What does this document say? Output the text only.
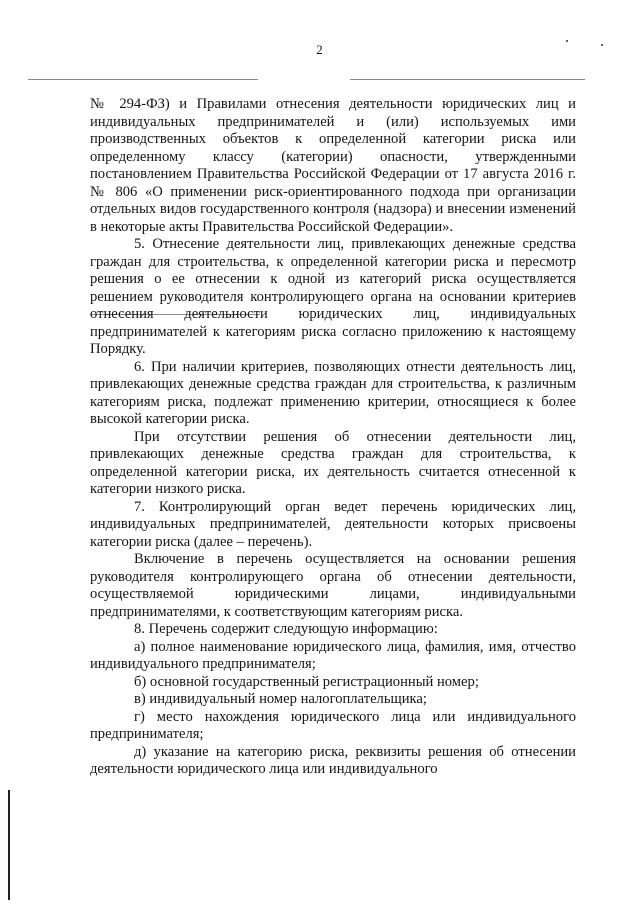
2

№ 294-ФЗ) и Правилами отнесения деятельности юридических лиц и индивидуальных предпринимателей и (или) используемых ими производственных объектов к определенной категории риска или определенному классу (категории) опасности, утвержденными постановлением Правительства Российской Федерации от 17 августа 2016 г. № 806 «О применении риск-ориентированного подхода при организации отдельных видов государственного контроля (надзора) и внесении изменений в некоторые акты Правительства Российской Федерации».

5. Отнесение деятельности лиц, привлекающих денежные средства граждан для строительства, к определенной категории риска и пересмотр решения о ее отнесении к одной из категорий риска осуществляется решением руководителя контролирующего органа на основании критериев отнесения деятельности юридических лиц, индивидуальных предпринимателей к категориям риска согласно приложению к настоящему Порядку.

6. При наличии критериев, позволяющих отнести деятельность лиц, привлекающих денежные средства граждан для строительства, к различным категориям риска, подлежат применению критерии, относящиеся к более высокой категории риска.

При отсутствии решения об отнесении деятельности лиц, привлекающих денежные средства граждан для строительства, к определенной категории риска, их деятельность считается отнесенной к категории низкого риска.

7. Контролирующий орган ведет перечень юридических лиц, индивидуальных предпринимателей, деятельности которых присвоены категории риска (далее – перечень).

Включение в перечень осуществляется на основании решения руководителя контролирующего органа об отнесении деятельности, осуществляемой юридическими лицами, индивидуальными предпринимателями, к соответствующим категориям риска.

8. Перечень содержит следующую информацию:

а) полное наименование юридического лица, фамилия, имя, отчество индивидуального предпринимателя;

б) основной государственный регистрационный номер;

в) индивидуальный номер налогоплательщика;

г) место нахождения юридического лица или индивидуального предпринимателя;

д) указание на категорию риска, реквизиты решения об отнесении деятельности юридического лица или индивидуального
